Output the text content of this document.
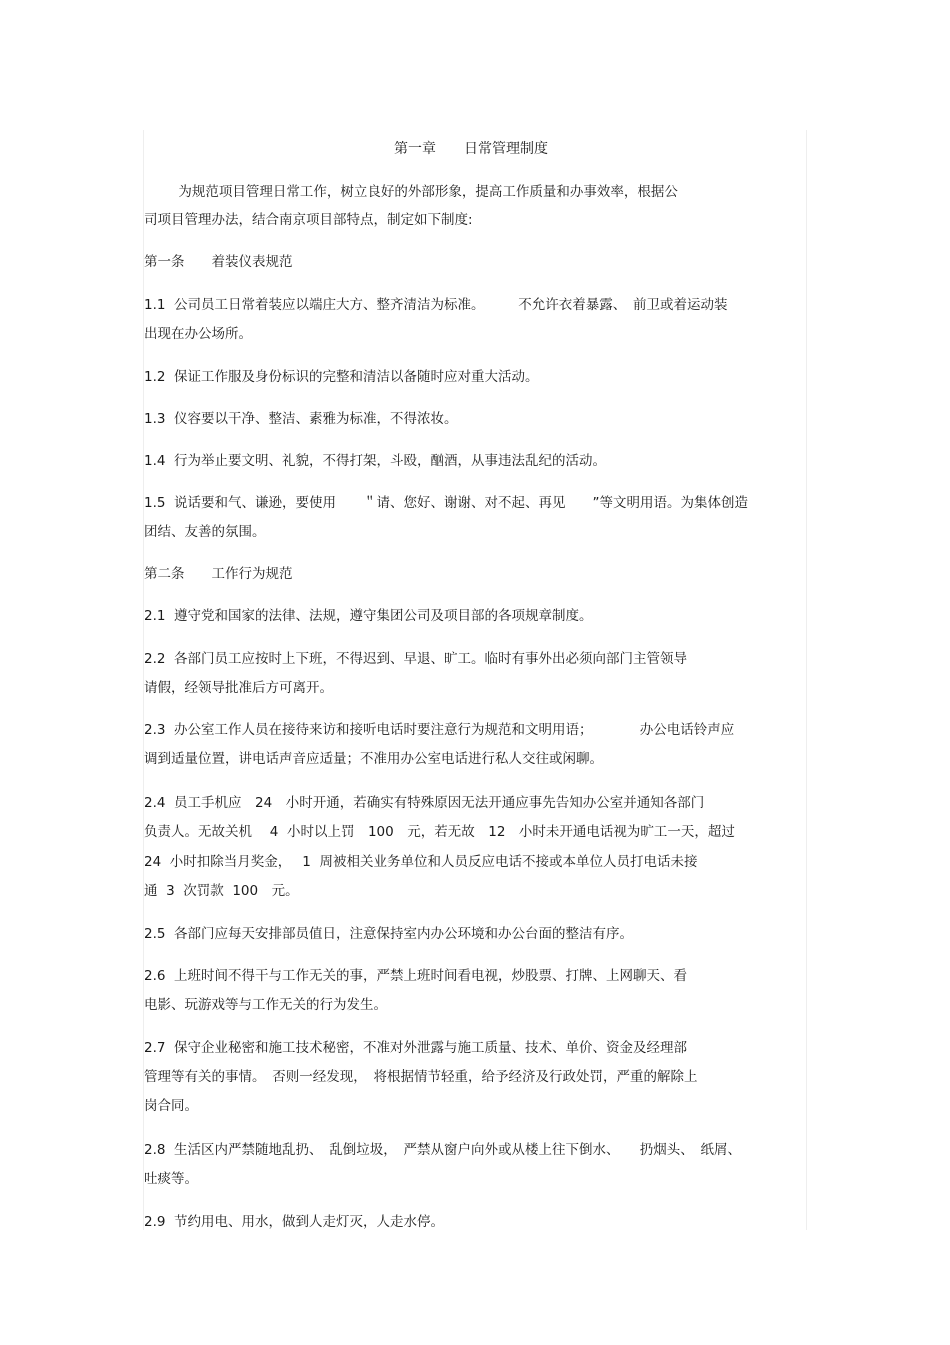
第一章　　日常管理制度
为规范项目管理日常工作，树立良好的外部形象，提高工作质量和办事效率，根据公
司项目管理办法，结合南京项目部特点，制定如下制度:
第一条　　着装仪表规范
1.1  公司员工日常着装应以端庄大方、整齐清洁为标准。　　　不允许衣着暴露、　前卫或着运动装
出现在办公场所。
1.2  保证工作服及身份标识的完整和清洁以备随时应对重大活动。
1.3  仪容要以干净、整洁、素雅为标准，不得浓妆。
1.4  行为举止要文明、礼貌，不得打架，斗殴，酗酒，从事违法乱纪的活动。
1.5  说话要和气、谦逊，要使用　　＂请、您好、谢谢、对不起、再见　　”等文明用语。为集体创造
团结、友善的氛围。
第二条　　工作行为规范
2.1  遵守党和国家的法律、法规，遵守集团公司及项目部的各项规章制度。
2.2  各部门员工应按时上下班，不得迟到、早退、旷工。临时有事外出必须向部门主管领导
请假，经领导批准后方可离开。
2.3  办公室工作人员在接待来访和接听电话时要注意行为规范和文明用语；　　　　办公电话铃声应
调到适量位置，讲电话声音应适量；不准用办公室电话进行私人交往或闲聊。
2.4  员工手机应　24　小时开通，若确实有特殊原因无法开通应事先告知办公室并通知各部门
负责人。无故关机　 4  小时以上罚　100　元，若无故　12　小时未开通电话视为旷工一天，超过
24  小时扣除当月奖金，　 1  周被相关业务单位和人员反应电话不接或本单位人员打电话未接
通  3  次罚款  100　元。
2.5  各部门应每天安排部员值日，注意保持室内办公环境和办公台面的整洁有序。
2.6  上班时间不得干与工作无关的事，严禁上班时间看电视，炒股票、打牌、上网聊天、看
电影、玩游戏等与工作无关的行为发生。
2.7  保守企业秘密和施工技术秘密，不准对外泄露与施工质量、技术、单价、资金及经理部
管理等有关的事情。　否则一经发现，　将根据情节轻重，给予经济及行政处罚，严重的解除上
岗合同。
2.8  生活区内严禁随地乱扔、　乱倒垃圾，　严禁从窗户向外或从楼上往下倒水、　　扔烟头、　纸屑、
吐痰等。
2.9  节约用电、用水，做到人走灯灭，人走水停。
